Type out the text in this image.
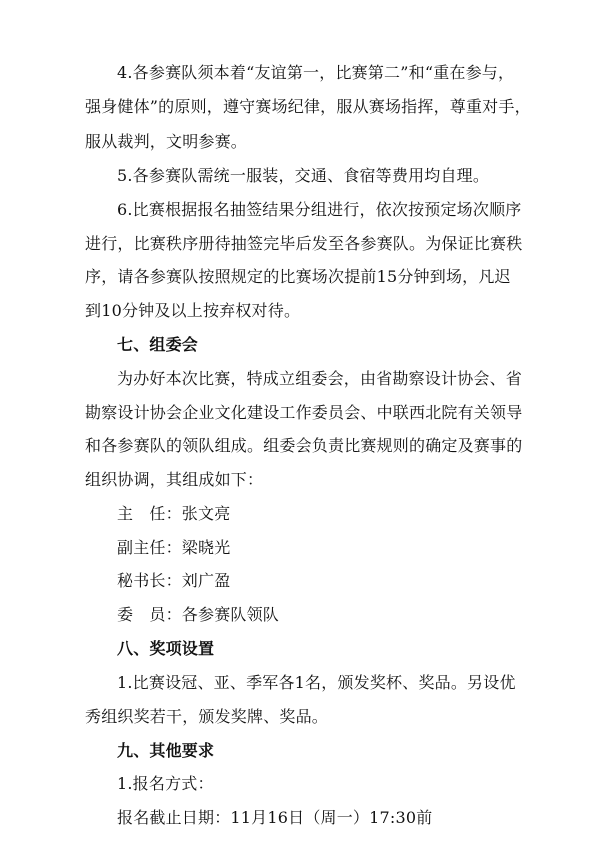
4.各参赛队须本着“友谊第一，比赛第二”和“重在参与，
强身健体”的原则，遵守赛场纪律，服从赛场指挥，尊重对手，
服从裁判，文明参赛。
5.各参赛队需统一服装，交通、食宿等费用均自理。
6.比赛根据报名抽签结果分组进行，依次按预定场次顺序
进行，比赛秩序册待抽签完毕后发至各参赛队。为保证比赛秩
序，请各参赛队按照规定的比赛场次提前15分钟到场，凡迟
到10分钟及以上按弃权对待。
七、组委会
为办好本次比赛，特成立组委会，由省勘察设计协会、省
勘察设计协会企业文化建设工作委员会、中联西北院有关领导
和各参赛队的领队组成。组委会负责比赛规则的确定及赛事的
组织协调，其组成如下：
主　任：张文亮
副主任：梁晓光
秘书长：刘广盈
委　员：各参赛队领队
八、奖项设置
1.比赛设冠、亚、季军各1名，颁发奖杯、奖品。另设优
秀组织奖若干，颁发奖牌、奖品。
九、其他要求
1.报名方式：
报名截止日期：11月16日（周一）17:30前
